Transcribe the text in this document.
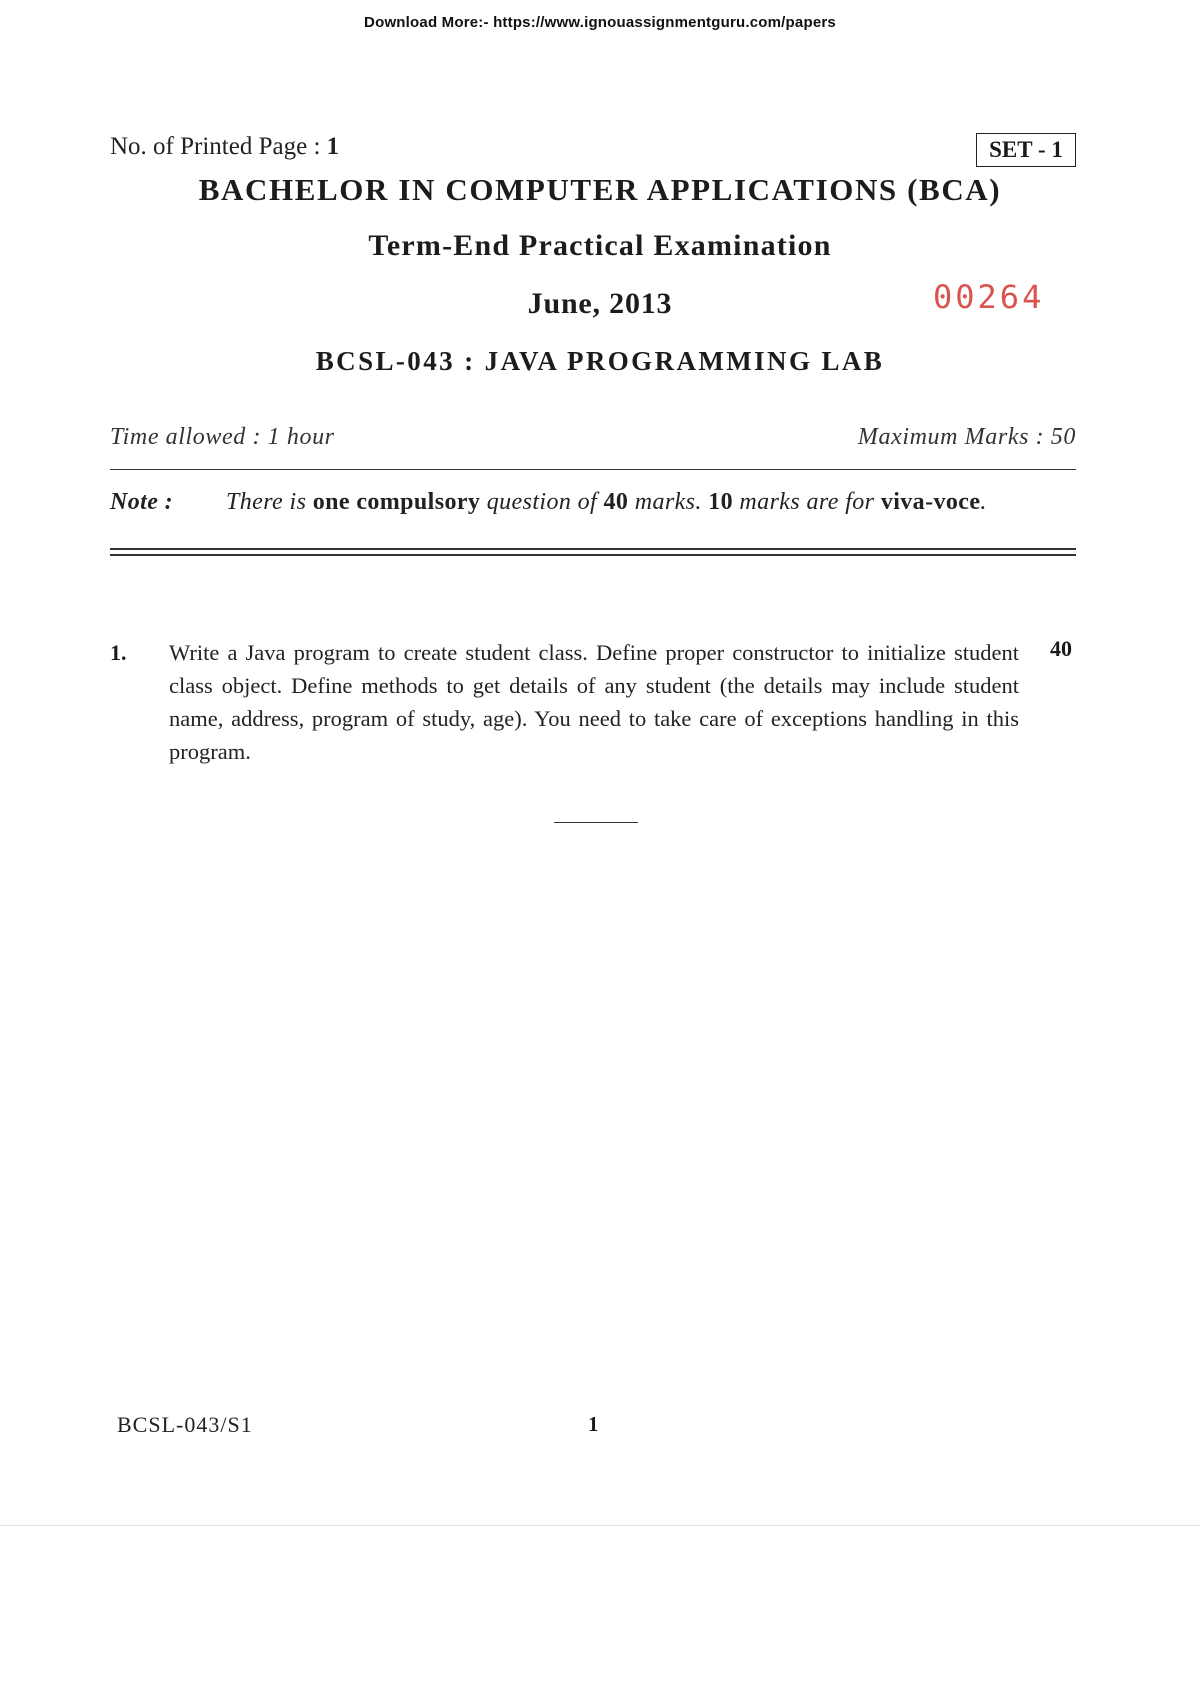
Download More:- https://www.ignouassignmentguru.com/papers
No. of Printed Page : 1	SET - 1
BACHELOR IN COMPUTER APPLICATIONS (BCA)
Term-End Practical Examination
June, 2013	00264
BCSL-043 : JAVA PROGRAMMING LAB
Time allowed : 1 hour	Maximum Marks : 50
Note : There is one compulsory question of 40 marks. 10 marks are for viva-voce.
1. Write a Java program to create student class. Define proper constructor to initialize student class object. Define methods to get details of any student (the details may include student name, address, program of study, age). You need to take care of exceptions handling in this program.
40
BCSL-043/S1	1
